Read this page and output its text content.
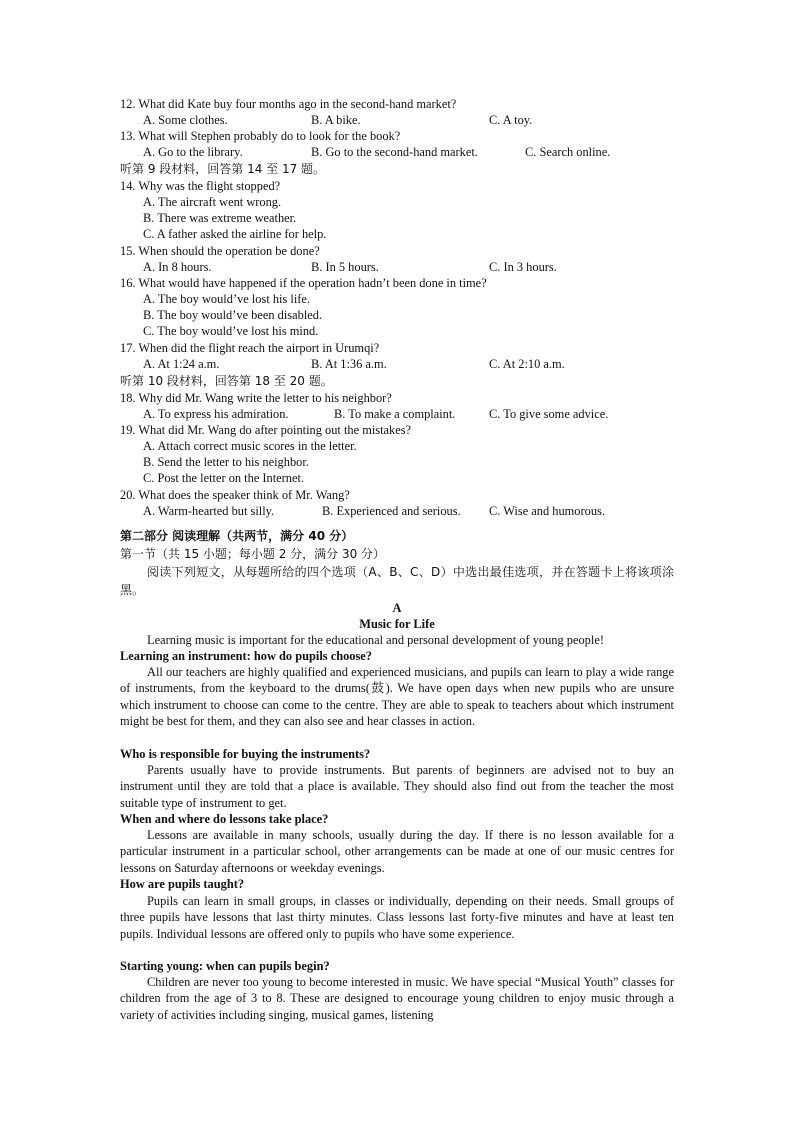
12. What did Kate buy four months ago in the second-hand market?
A. Some clothes.	B. A bike.	C. A toy.
13. What will Stephen probably do to look for the book?
A. Go to the library.	B. Go to the second-hand market.	C. Search online.
听第 9 段材料，回答第 14 至 17 题。
14. Why was the flight stopped?
A. The aircraft went wrong.
B. There was extreme weather.
C. A father asked the airline for help.
15. When should the operation be done?
A. In 8 hours.	B. In 5 hours.	C. In 3 hours.
16. What would have happened if the operation hadn’t been done in time?
A. The boy would’ve lost his life.
B. The boy would’ve been disabled.
C. The boy would’ve lost his mind.
17. When did the flight reach the airport in Urumqi?
A. At 1:24 a.m.	B. At 1:36 a.m.	C. At 2:10 a.m.
听第 10 段材料，回答第 18 至 20 题。
18. Why did Mr. Wang write the letter to his neighbor?
A. To express his admiration.	B. To make a complaint.	C. To give some advice.
19. What did Mr. Wang do after pointing out the mistakes?
A. Attach correct music scores in the letter.
B. Send the letter to his neighbor.
C. Post the letter on the Internet.
20. What does the speaker think of Mr. Wang?
A. Warm-hearted but silly.	B. Experienced and serious. C. Wise and humorous.
第二部分 阅读理解（共两节，满分 40 分）
第一节（共 15 小题；每小题 2 分，满分 30 分）

阅读下列短文，从每题所给的四个选项（A、B、C、D）中选出最佳选项，并在答题卡上将该项涂黑。

A
Music for Life

Learning music is important for the educational and personal development of young people!

Learning an instrument: how do pupils choose?

All our teachers are highly qualified and experienced musicians, and pupils can learn to play a wide range of instruments, from the keyboard to the drums(鼓). We have open days when new pupils who are unsure which instrument to choose can come to the centre. They are able to speak to teachers about which instrument might be best for them, and they can also see and hear classes in action.

Who is responsible for buying the instruments?

Parents usually have to provide instruments. But parents of beginners are advised not to buy an instrument until they are told that a place is available. They should also find out from the teacher the most suitable type of instrument to get.

When and where do lessons take place?

Lessons are available in many schools, usually during the day. If there is no lesson available for a particular instrument in a particular school, other arrangements can be made at one of our music centres for lessons on Saturday afternoons or weekday evenings.

How are pupils taught?

Pupils can learn in small groups, in classes or individually, depending on their needs. Small groups of three pupils have lessons that last thirty minutes. Class lessons last forty-five minutes and have at least ten pupils. Individual lessons are offered only to pupils who have some experience.

Starting young: when can pupils begin?

Children are never too young to become interested in music. We have special “Musical Youth” classes for children from the age of 3 to 8. These are designed to encourage young children to enjoy music through a variety of activities including singing, musical games, listening
